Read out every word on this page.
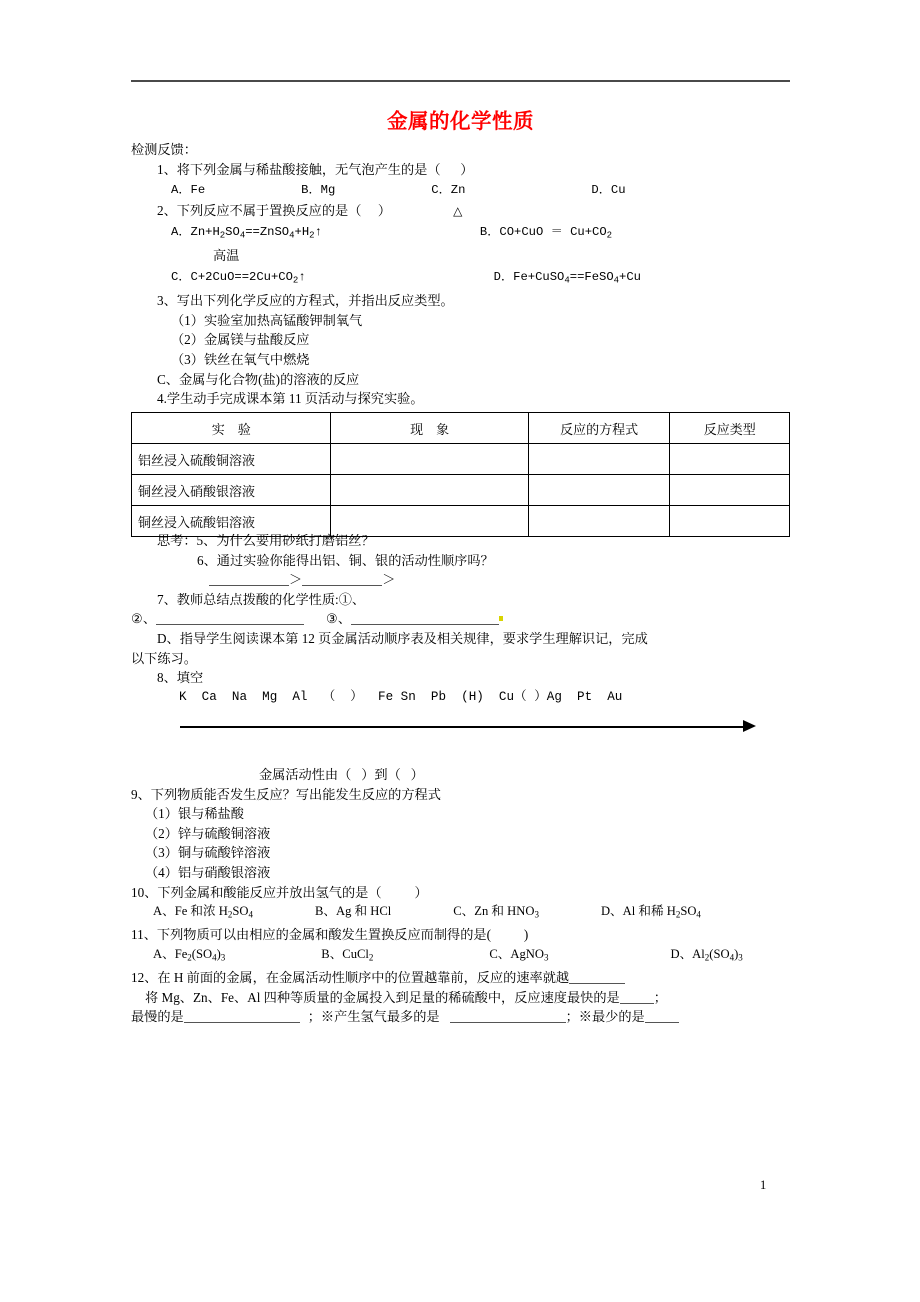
金属的化学性质
检测反馈：
1、将下列金属与稀盐酸接触，无气泡产生的是（      ）
A．Fe	B．Mg	C．Zn	D．Cu
2、下列反应不属于置换反应的是（     ）	△
A．$Zn+H_2SO_4==ZnSO_4+H_2↑$	B．$CO+CuO = Cu+CO_2$
高温
C．$C+2CuO==2Cu+CO_2↑$	D．Fe+CuSO$_4$==FeSO$_4$+Cu
3、写出下列化学反应的方程式，并指出反应类型。
（1）实验室加热高锰酸钾制氧气
（2）金属镁与盐酸反应
（3）铁丝在氧气中燃烧
C、金属与化合物(盐)的溶液的反应
4.学生动手完成课本第 11 页活动与探究实验。
实　验	现　象	反应的方程式	反应类型
铝丝浸入硫酸铜溶液			
铜丝浸入硝酸银溶液			
铜丝浸入硫酸铝溶液			
思考：5、为什么要用砂纸打磨铝丝？
6、通过实验你能得出铝、铜、银的活动性顺序吗？
＞	＞
7、教师总结点拨酸的化学性质:①、
②、	③、
D、指导学生阅读课本第 12 页金属活动顺序表及相关规律，要求学生理解识记，完成
以下练习。
8、填空
K  Ca  Na  Mg  Al  （  ）  Fe Sn  Pb  (H)  Cu（ ）Ag  Pt  Au
金属活动性由（   ）到（   ）
9、下列物质能否发生反应？写出能发生反应的方程式
（1）银与稀盐酸
（2）锌与硫酸铜溶液
（3）铜与硫酸锌溶液
（4）铝与硝酸银溶液
10、下列金属和酸能反应并放出氢气的是（          ）
A、Fe 和浓 $H_2SO_4$	B、Ag 和 HCl	C、Zn 和 $HNO_3$	D、Al 和稀 $H_2SO_4$
11、下列物质可以由相应的金属和酸发生置换反应而制得的是(          )
A、$Fe_2(SO_4)_3$	B、CuCl$_2$	C、AgNO$_3$	D、$Al_2(SO_4)_3$
12、在 H 前面的金属，在金属活动性顺序中的位置越靠前，反应的速率就越
将 Mg、Zn、Fe、Al 四种等质量的金属投入到足量的稀硫酸中，反应速度最快的是	；
最慢的是	；※产生氢气最多的是	；※最少的是
1
